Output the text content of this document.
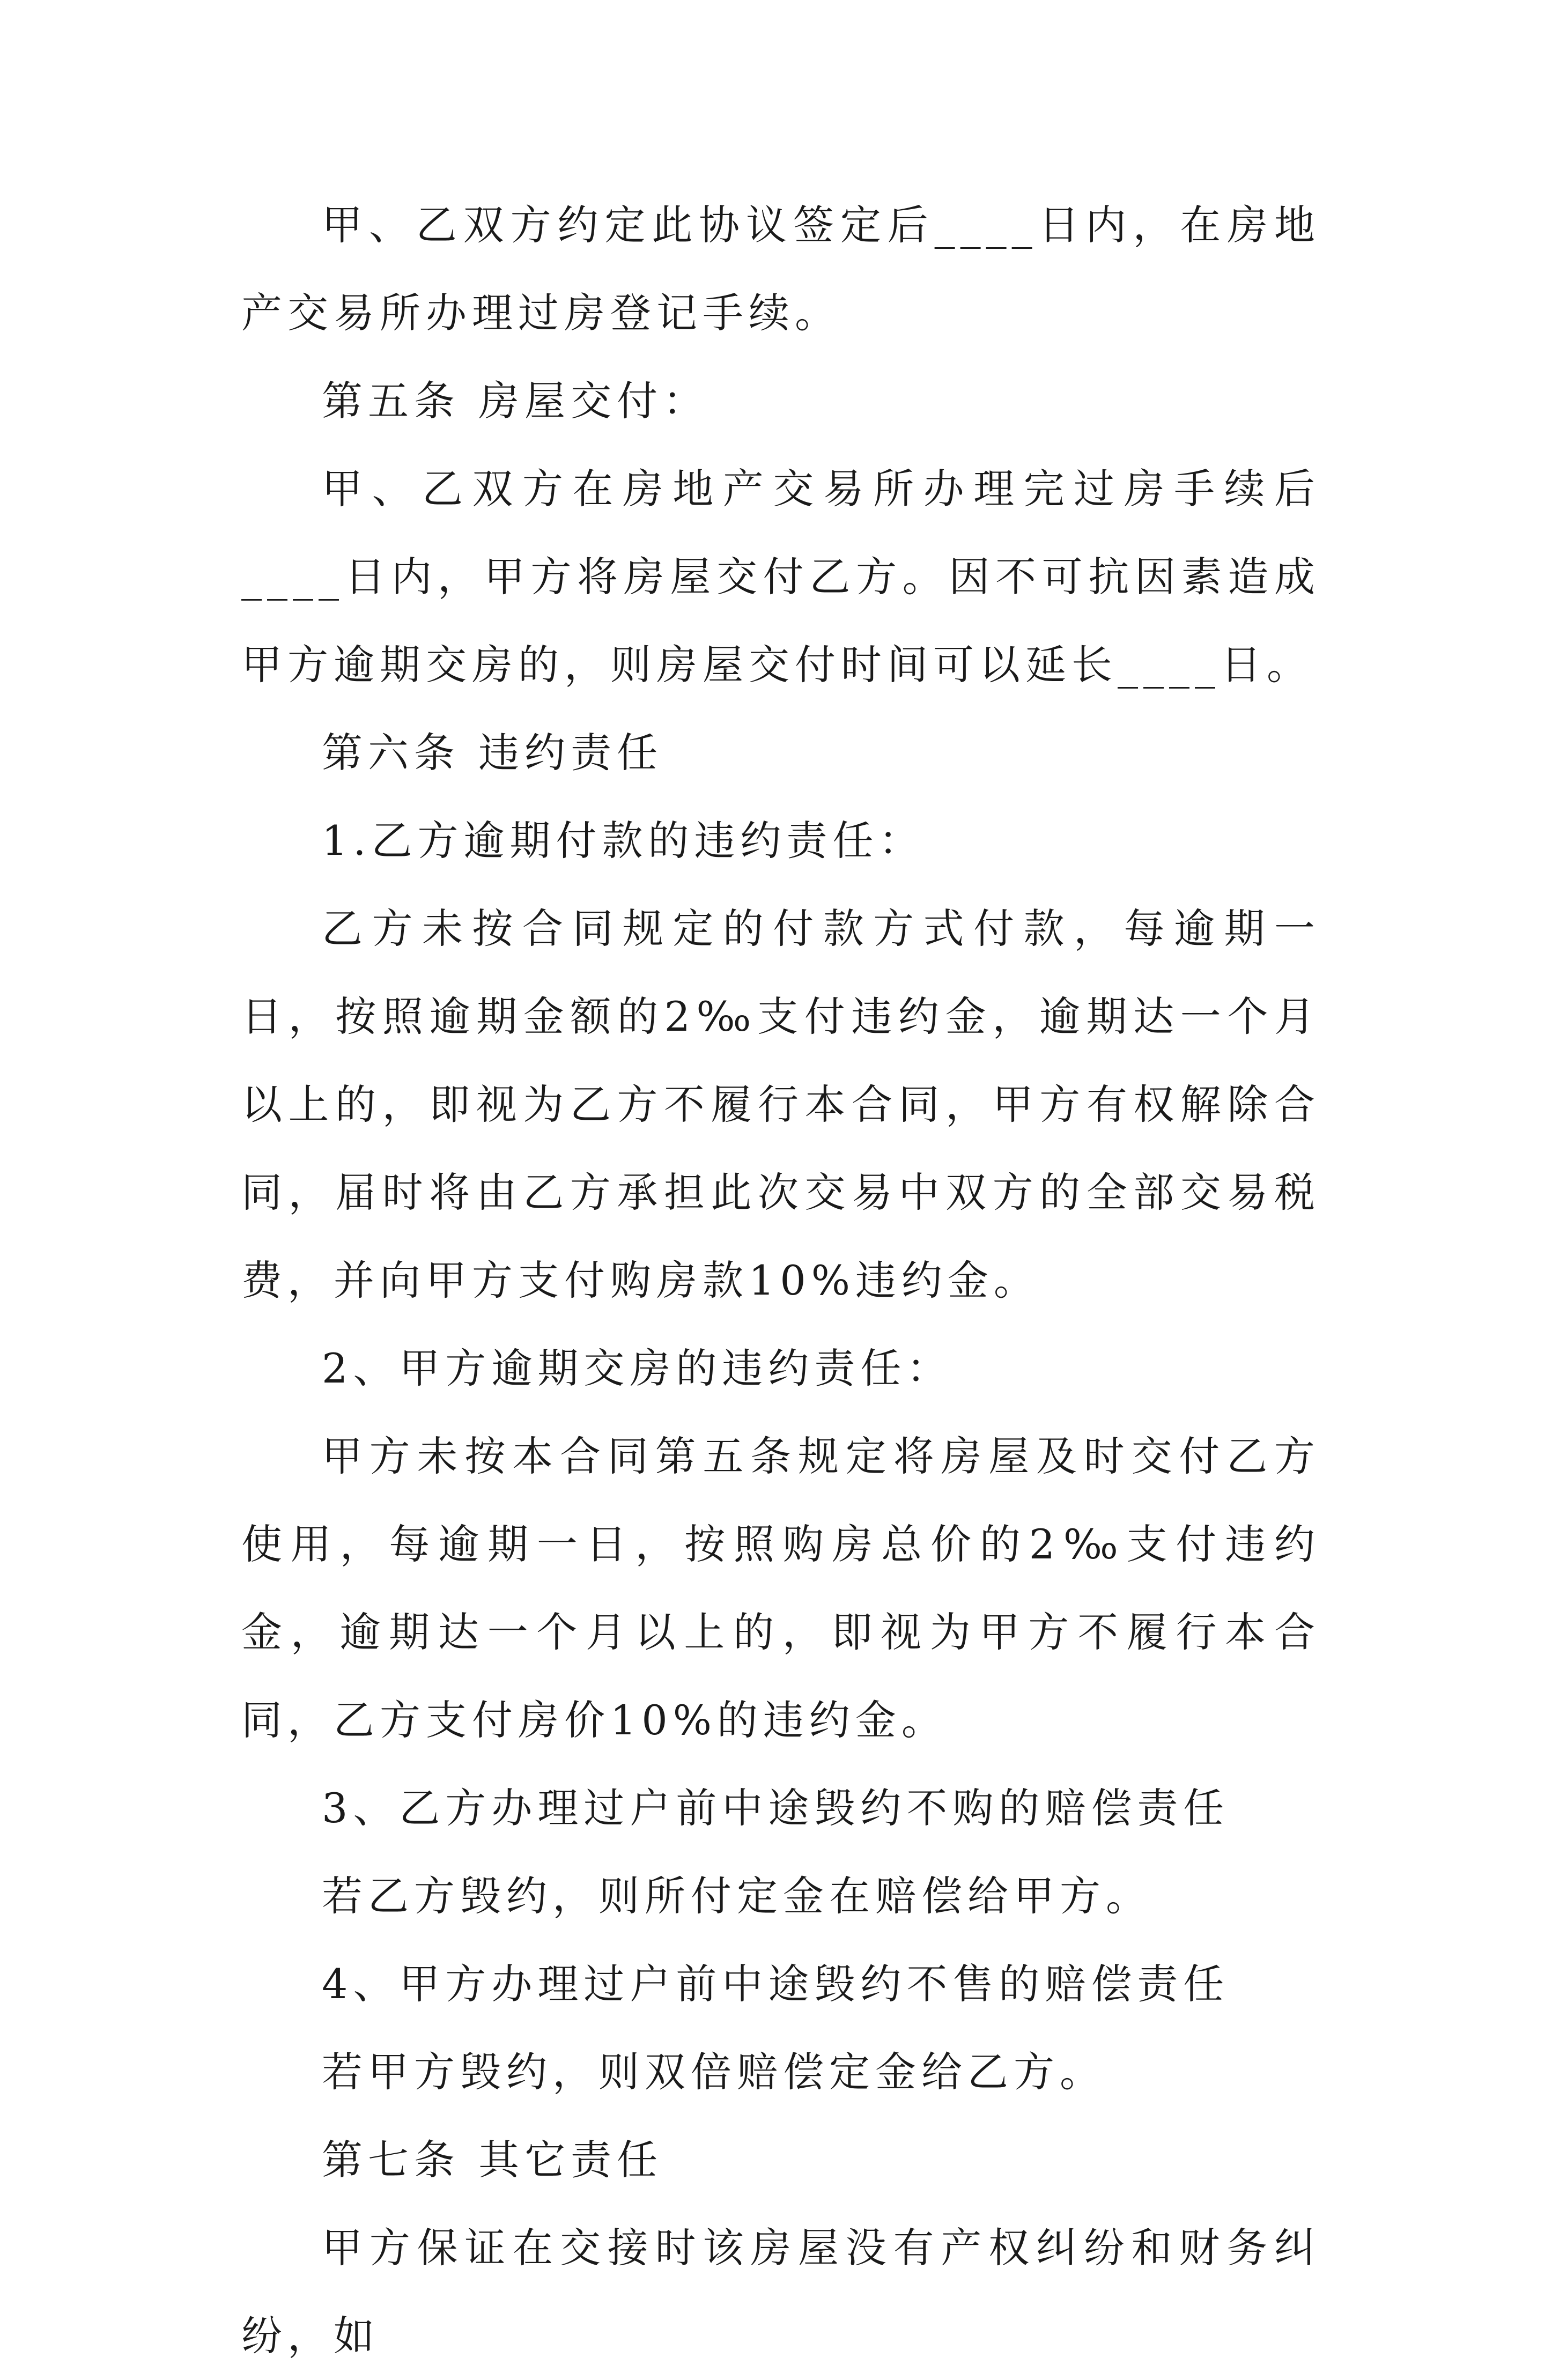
甲、乙双方约定此协议签定后____日内，在房地产交易所办理过房登记手续。

第五条 房屋交付：

甲、乙双方在房地产交易所办理完过房手续后____日内，甲方将房屋交付乙方。因不可抗因素造成甲方逾期交房的，则房屋交付时间可以延长____日。

第六条 违约责任

1.乙方逾期付款的违约责任：

乙方未按合同规定的付款方式付款，每逾期一日，按照逾期金额的2‰支付违约金，逾期达一个月以上的，即视为乙方不履行本合同，甲方有权解除合同，届时将由乙方承担此次交易中双方的全部交易税费，并向甲方支付购房款10%违约金。

2、甲方逾期交房的违约责任：

甲方未按本合同第五条规定将房屋及时交付乙方使用，每逾期一日，按照购房总价的2‰支付违约金，逾期达一个月以上的，即视为甲方不履行本合同，乙方支付房价10%的违约金。

3、乙方办理过户前中途毁约不购的赔偿责任

若乙方毁约，则所付定金在赔偿给甲方。

4、甲方办理过户前中途毁约不售的赔偿责任

若甲方毁约，则双倍赔偿定金给乙方。

第七条 其它责任

甲方保证在交接时该房屋没有产权纠纷和财务纠纷，如
